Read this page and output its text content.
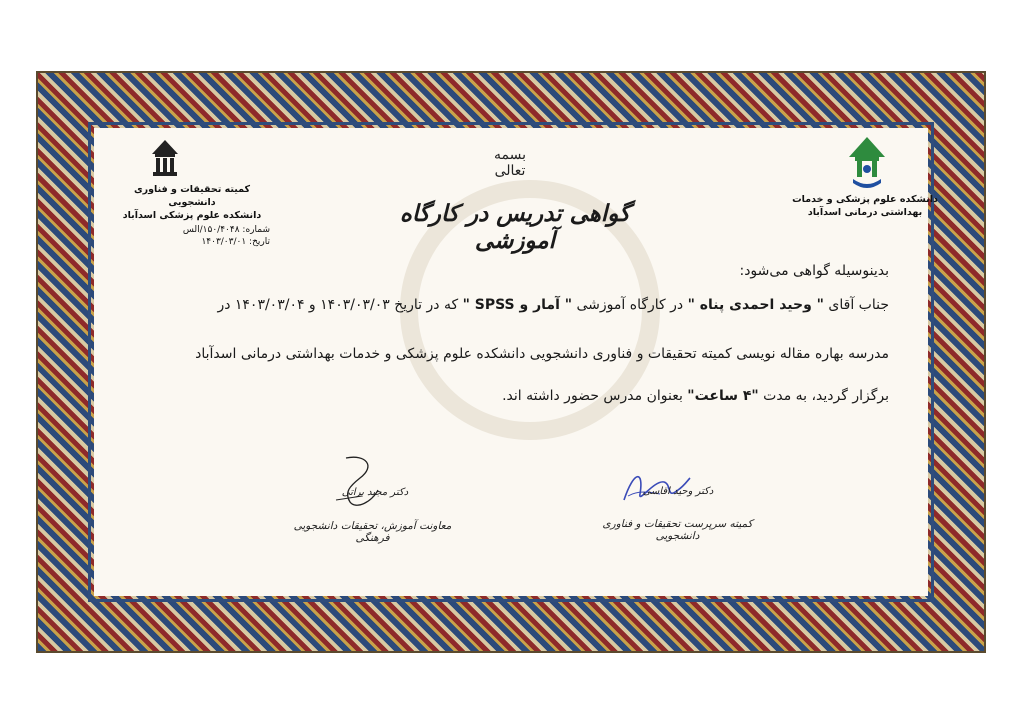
بسمه تعالی
گواهی تدریس در کارگاه آموزشی
کمیته تحقیقات و فناوری دانشجویی
دانشکده علوم پزشکی اسدآباد
شماره: ۱۵۰/۴۰۴۸/الس
تاریخ: ۱۴۰۳/۰۳/۰۱
دانشکده علوم پزشکی و خدمات
بهداشتی درمانی اسدآباد
بدینوسیله گواهی می‌شود:
جناب آقای " وحید احمدی پناه " در کارگاه آموزشی " آمار و SPSS " که در تاریخ ۱۴۰۳/۰۳/۰۳ و ۱۴۰۳/۰۳/۰۴ در
مدرسه بهاره مقاله نویسی کمیته تحقیقات و فناوری دانشجویی دانشکده علوم پزشکی و خدمات بهداشتی درمانی اسدآباد
برگزار گردید، به مدت "۴ ساعت" بعنوان مدرس حضور داشته اند.
دکتر مجید براتی
معاونت آموزش، تحقیقات دانشجویی فرهنگی
دکتر وحید اقاسی
کمیته سرپرست تحقیقات و فناوری دانشجویی
